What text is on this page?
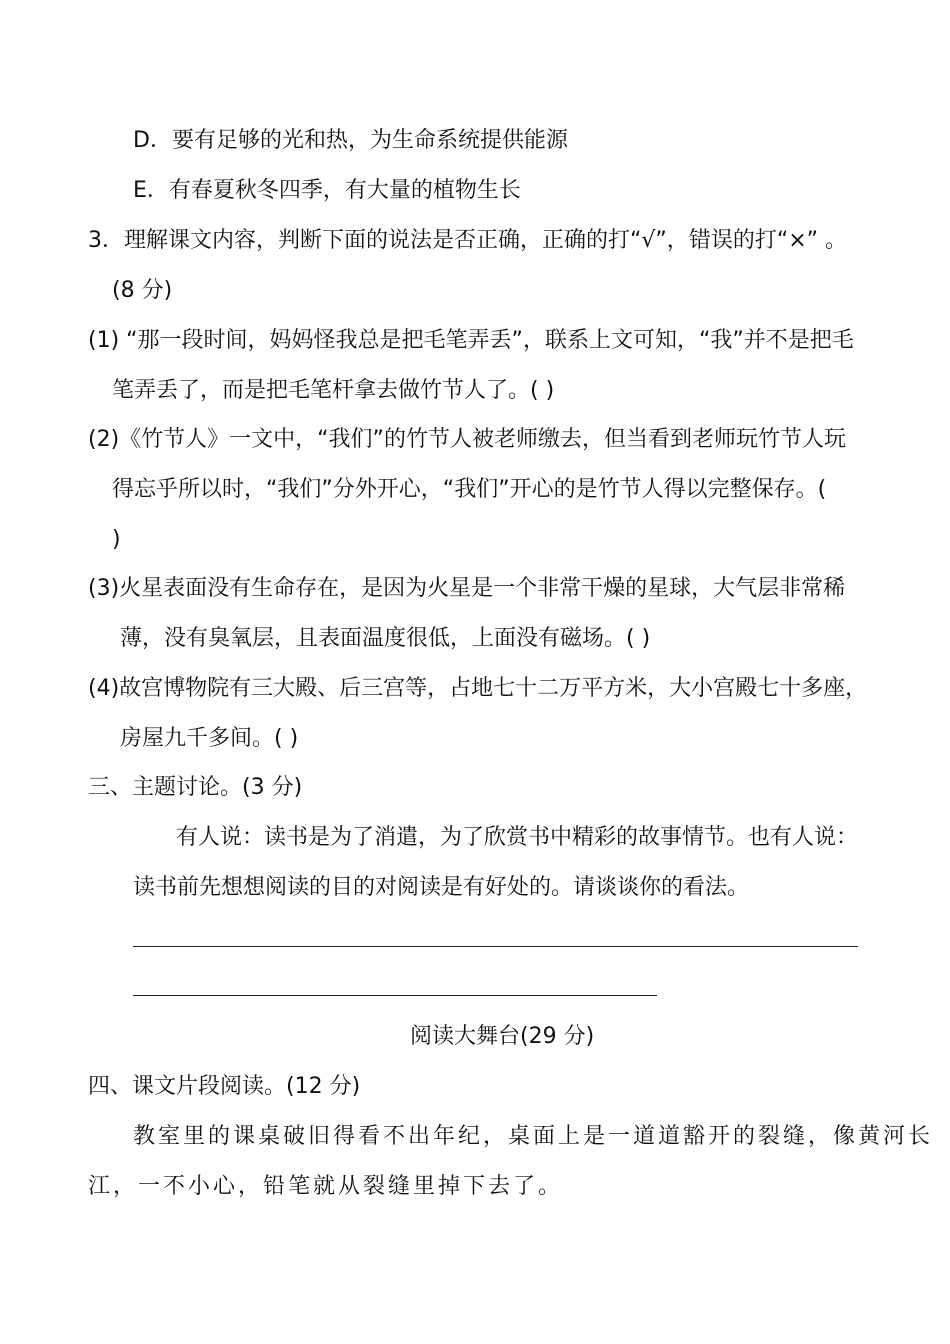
D．要有足够的光和热，为生命系统提供能源
E．有春夏秋冬四季，有大量的植物生长
3．理解课文内容，判断下面的说法是否正确，正确的打“√”，错误的打“×” 。
(8 分)
(1) “那一段时间，妈妈怪我总是把毛笔弄丢”，联系上文可知，“我”并不是把毛
笔弄丢了，而是把毛笔杆拿去做竹节人了。( )
(2)《竹节人》一文中，“我们”的竹节人被老师缴去，但当看到老师玩竹节人玩
得忘乎所以时，“我们”分外开心，“我们”开心的是竹节人得以完整保存。(
)
(3)火星表面没有生命存在，是因为火星是一个非常干燥的星球，大气层非常稀
薄，没有臭氧层，且表面温度很低，上面没有磁场。( )
(4)故宫博物院有三大殿、后三宫等，占地七十二万平方米，大小宫殿七十多座，
房屋九千多间。( )
三、主题讨论。(3 分)
有人说：读书是为了消遣，为了欣赏书中精彩的故事情节。也有人说：
读书前先想想阅读的目的对阅读是有好处的。请谈谈你的看法。
阅读大舞台(29 分)
四、课文片段阅读。(12 分)
教室里的课桌破旧得看不出年纪，桌面上是一道道豁开的裂缝，像黄河长
江，一不小心，铅笔就从裂缝里掉下去了。
